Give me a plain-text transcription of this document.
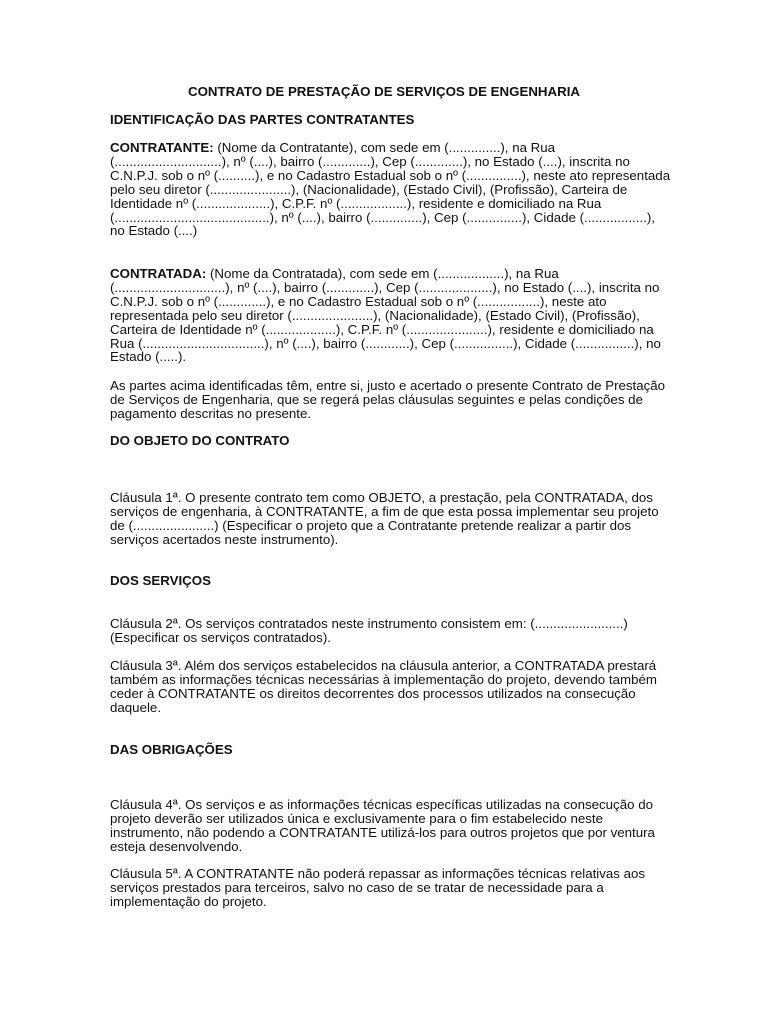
CONTRATO DE PRESTAÇÃO DE SERVIÇOS DE ENGENHARIA

IDENTIFICAÇÃO DAS PARTES CONTRATANTES

CONTRATANTE: (Nome da Contratante), com sede em (..............), na Rua
(.............................), nº (....), bairro (.............), Cep (.............), no Estado (....), inscrita no
C.N.P.J. sob o nº (..........), e no Cadastro Estadual sob o nº (...............), neste ato representada
pelo seu diretor (......................), (Nacionalidade), (Estado Civil), (Profissão), Carteira de
Identidade nº (....................), C.P.F. nº (..................), residente e domiciliado na Rua
(..........................................), nº (....), bairro (..............), Cep (...............), Cidade (.................),
no Estado (....)

CONTRATADA: (Nome da Contratada), com sede em (..................), na Rua
(..............................), nº (....), bairro (.............), Cep (....................), no Estado (....), inscrita no
C.N.P.J. sob o nº (.............), e no Cadastro Estadual sob o nº (.................), neste ato
representada pelo seu diretor (......................), (Nacionalidade), (Estado Civil), (Profissão),
Carteira de Identidade nº (...................), C.P.F. nº (......................), residente e domiciliado na
Rua (.................................), nº (....), bairro (............), Cep (................), Cidade (................), no
Estado (.....).

As partes acima identificadas têm, entre si, justo e acertado o presente Contrato de Prestação
de Serviços de Engenharia, que se regerá pelas cláusulas seguintes e pelas condições de
pagamento descritas no presente.

DO OBJETO DO CONTRATO

Cláusula 1ª. O presente contrato tem como OBJETO, a prestação, pela CONTRATADA, dos
serviços de engenharia, à CONTRATANTE, a fim de que esta possa implementar seu projeto
de (......................) (Especificar o projeto que a Contratante pretende realizar a partir dos
serviços acertados neste instrumento).

DOS SERVIÇOS

Cláusula 2ª. Os serviços contratados neste instrumento consistem em: (........................)
(Especificar os serviços contratados).

Cláusula 3ª. Além dos serviços estabelecidos na cláusula anterior, a CONTRATADA prestará
também as informações técnicas necessárias à implementação do projeto, devendo também
ceder à CONTRATANTE os direitos decorrentes dos processos utilizados na consecução
daquele.

DAS OBRIGAÇÕES

Cláusula 4ª. Os serviços e as informações técnicas específicas utilizadas na consecução do
projeto deverão ser utilizados única e exclusivamente para o fim estabelecido neste
instrumento, não podendo a CONTRATANTE utilizá-los para outros projetos que por ventura
esteja desenvolvendo.

Cláusula 5ª. A CONTRATANTE não poderá repassar as informações técnicas relativas aos
serviços prestados para terceiros, salvo no caso de se tratar de necessidade para a
implementação do projeto.
